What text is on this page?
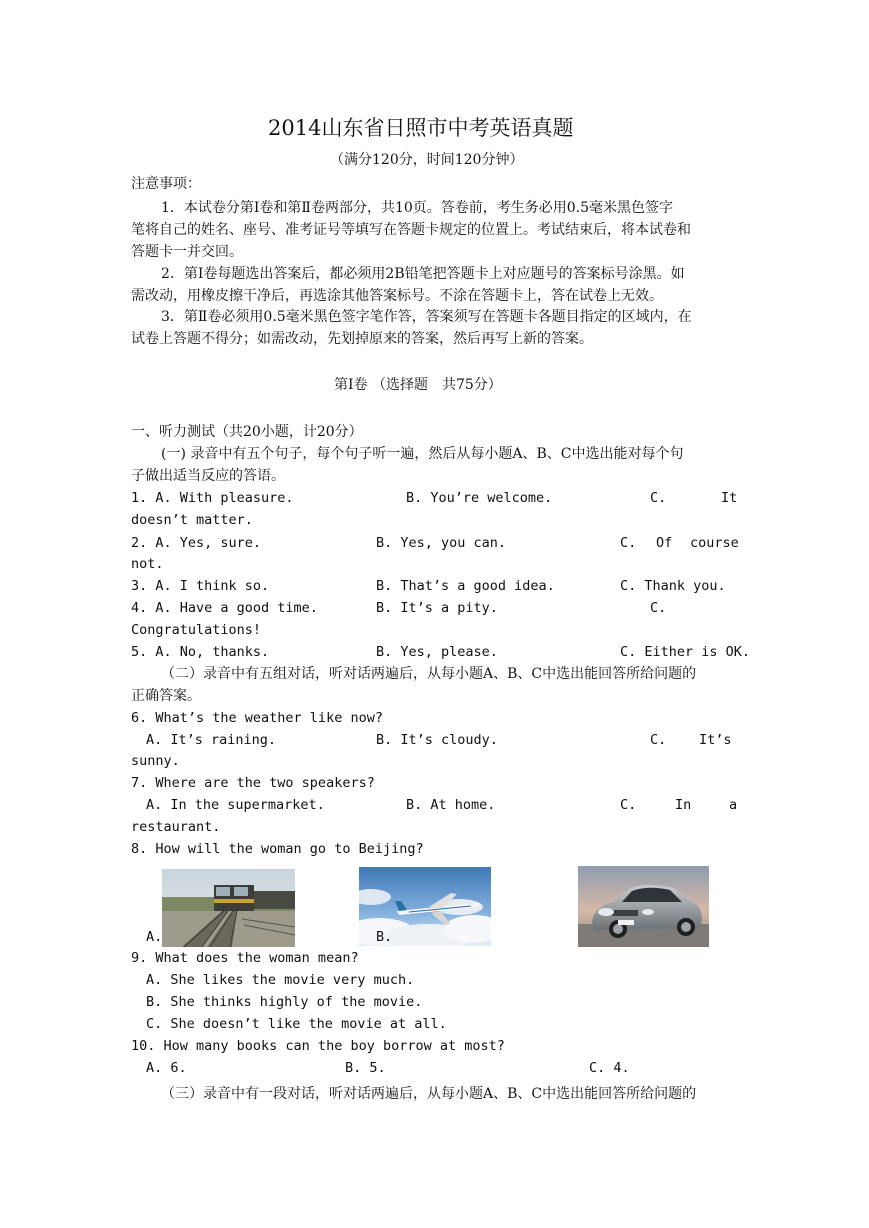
2014山东省日照市中考英语真题
（满分120分，时间120分钟）
注意事项：
1．本试卷分第Ⅰ卷和第Ⅱ卷两部分，共10页。答卷前，考生务必用0.5毫米黑色签字
笔将自己的姓名、座号、准考证号等填写在答题卡规定的位置上。考试结束后，将本试卷和
答题卡一并交回。
2．第Ⅰ卷每题选出答案后，都必须用2B铅笔把答题卡上对应题号的答案标号涂黑。如
需改动，用橡皮擦干净后，再选涂其他答案标号。不涂在答题卡上，答在试卷上无效。
3．第Ⅱ卷必须用0.5毫米黑色签字笔作答，答案须写在答题卡各题目指定的区域内，在
试卷上答题不得分；如需改动，先划掉原来的答案，然后再写上新的答案。
第Ⅰ卷 （选择题　共75分）
一、听力测试（共20小题，计20分）
(一) 录音中有五个句子，每个句子听一遍，然后从每小题A、B、C中选出能对每个句
子做出适当反应的答语。
1. A. With pleasure.	B. You’re welcome.	C.	It
doesn’t matter.
2. A. Yes, sure.	B. Yes, you can.	C. Of course
not.
3. A. I think so.	B. That’s a good idea.	C. Thank you.
4. A. Have a good time.	B. It’s a pity.	C.
Congratulations!
5. A. No, thanks.	B. Yes, please.	C. Either is OK.
（二）录音中有五组对话，听对话两遍后，从每小题A、B、C中选出能回答所给问题的
正确答案。
6. What’s the weather like now?
A. It’s raining.	B. It’s cloudy.	C. It’s
sunny.
7. Where are the two speakers?
A. In the supermarket.	B. At home.	C.	In	a
restaurant.
8. How will the woman go to Beijing?
A.	B.
9. What does the woman mean?
A. She likes the movie very much.
B. She thinks highly of the movie.
C. She doesn’t like the movie at all.
10. How many books can the boy borrow at most?
A. 6.	B. 5.	C. 4.
（三）录音中有一段对话，听对话两遍后，从每小题A、B、C中选出能回答所给问题的
